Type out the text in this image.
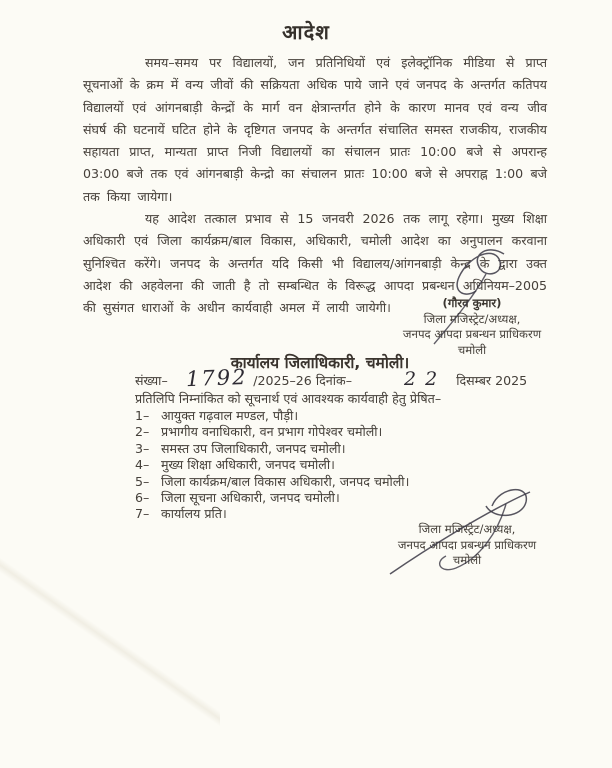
आदेश

समय–समय पर विद्यालयों, जन प्रतिनिधियों एवं इलेक्ट्रॉनिक मीडिया से प्राप्त सूचनाओं के क्रम में वन्य जीवों की सक्रियता अधिक पाये जाने एवं जनपद के अन्तर्गत कतिपय विद्यालयों एवं आंगनबाड़ी केन्द्रों के मार्ग वन क्षेत्रान्तर्गत होने के कारण मानव एवं वन्य जीव संघर्ष की घटनायें घटित होने के दृष्टिगत जनपद के अन्तर्गत संचालित समस्त राजकीय, राजकीय सहायता प्राप्त, मान्यता प्राप्त निजी विद्यालयों का संचालन प्रातः 10:00 बजे से अपरान्ह 03:00 बजे तक एवं आंगनबाड़ी केन्द्रो का संचालन प्रातः 10:00 बजे से अपराह्न 1:00 बजे तक किया जायेगा।

यह आदेश तत्काल प्रभाव से 15 जनवरी 2026 तक लागू रहेगा। मुख्य शिक्षा अधिकारी एवं जिला कार्यक्रम/बाल विकास, अधिकारी, चमोली आदेश का अनुपालन करवाना सुनिश्चित करेंगे। जनपद के अन्तर्गत यदि किसी भी विद्यालय/आंगनबाड़ी केन्द्र के द्वारा उक्त आदेश की अहवेलना की जाती है तो सम्बन्धित के विरूद्ध आपदा प्रबन्धन अधिनियम–2005 की सुसंगत धाराओं के अधीन कार्यवाही अमल में लायी जायेगी।	(गौरव कुमार)
जिला मजिस्ट्रेट/अध्यक्ष,
जनपद आपदा प्रबन्धन प्राधिकरण
चमोली
कार्यालय जिलाधिकारी, चमोली।
संख्या– 1792 /2025–26 दिनांक–	22 दिसम्बर 2025
प्रतिलिपि निम्नांकित को सूचनार्थ एवं आवश्यक कार्यवाही हेतु प्रेषित–
1– आयुक्त गढ़वाल मण्डल, पौड़ी।
2– प्रभागीय वनाधिकारी, वन प्रभाग गोपेश्वर चमोली।
3– समस्त उप जिलाधिकारी, जनपद चमोली।
4– मुख्य शिक्षा अधिकारी, जनपद चमोली।
5– जिला कार्यक्रम/बाल विकास अधिकारी, जनपद चमोली।
6– जिला सूचना अधिकारी, जनपद चमोली।
7– कार्यालय प्रति।
जिला मजिस्ट्रेट/अध्यक्ष,
जनपद आपदा प्रबन्धन प्राधिकरण
चमोली
